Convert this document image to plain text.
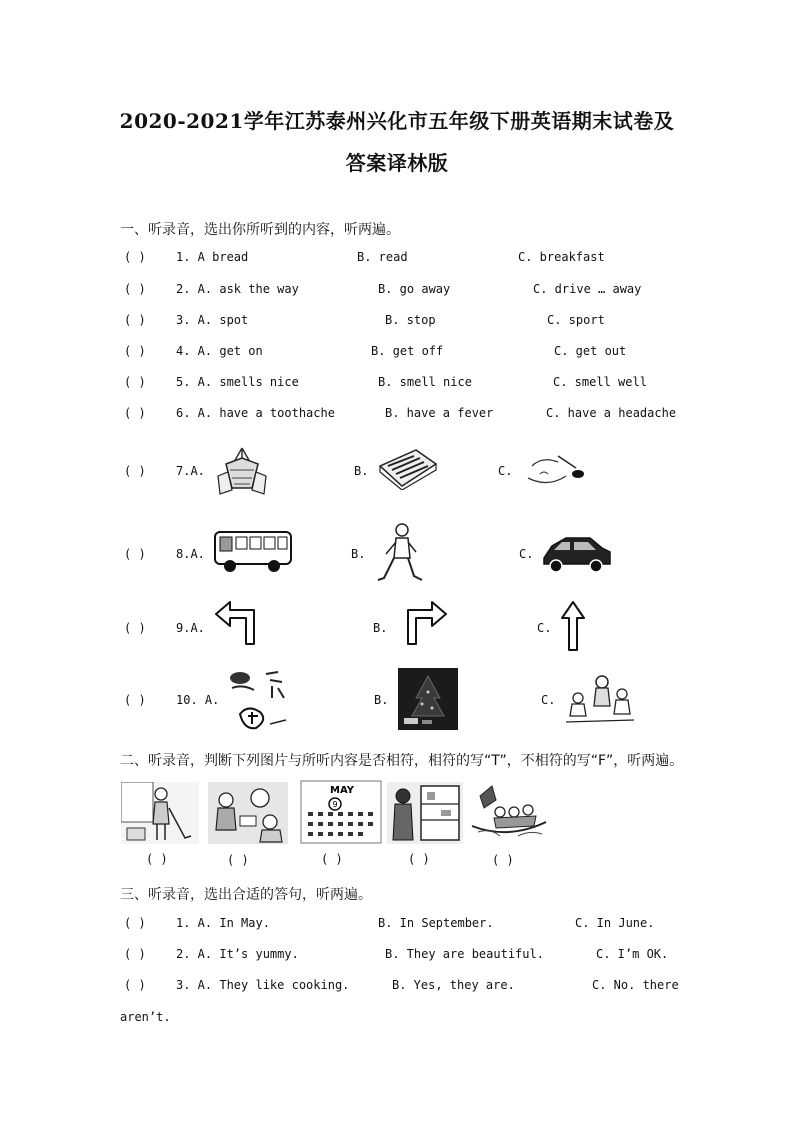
2020-2021学年江苏泰州兴化市五年级下册英语期末试卷及
答案译林版
一、听录音，选出你所听到的内容，听两遍。
( )	1. A bread	B. read	C. breakfast
( )	2. A. ask the way	B. go away	C. drive … away
( )	3. A. spot	B. stop	C. sport
( )	4. A. get on	B. get off	C. get out
( )	5. A. smells nice	B. smell nice	C. smell well
( )	6. A. have a toothache	B. have a fever	C. have a headache
( )	7.A.	B.	C.
( )	8.A.	B.	C.
( )	9.A.	B.	C.
( )	10. A.	B.	C.
二、听录音，判断下列图片与所听内容是否相符，相符的写“T”，不相符的写“F”，听两遍。
MAY
9
( )	( )	( )	( )	( )
三、听录音，选出合适的答句，听两遍。
( )	1. A. In May.	B. In September.	C. In June.
( )	2. A. It’s yummy.	B. They are beautiful.	C. I’m OK.
( )	3. A. They like cooking.	B. Yes, they are.	C. No. there
aren’t.
